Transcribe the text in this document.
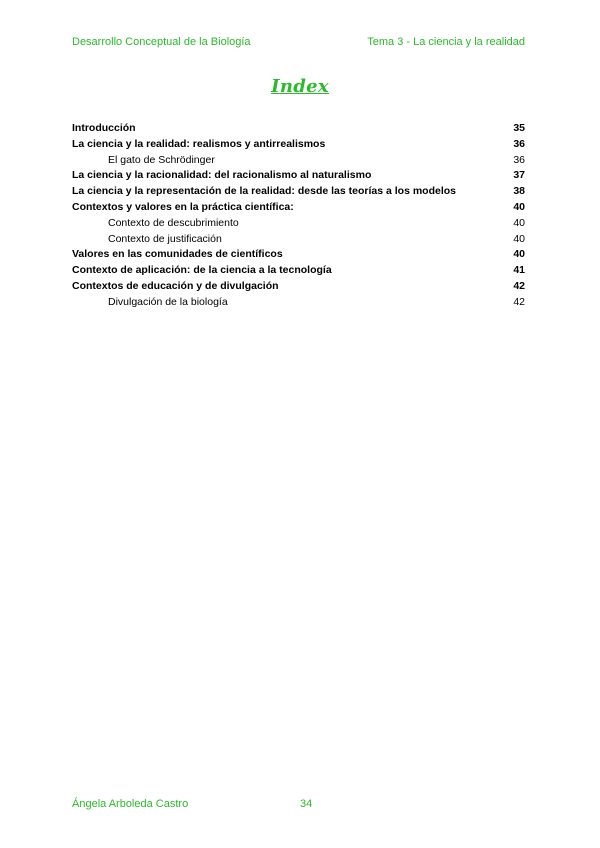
Desarrollo Conceptual de la Biología	Tema 3 - La ciencia y la realidad
Index
Introducción	35
La ciencia y la realidad: realismos y antirrealismos	36
El gato de Schrödinger	36
La ciencia y la racionalidad: del racionalismo al naturalismo	37
La ciencia y la representación de la realidad: desde las teorías a los modelos	38
Contextos y valores en la práctica científica:	40
Contexto de descubrimiento	40
Contexto de justificación	40
Valores en las comunidades de científicos	40
Contexto de aplicación: de la ciencia a la tecnología	41
Contextos de educación y de divulgación	42
Divulgación de la biología	42
Ángela Arboleda Castro	34
